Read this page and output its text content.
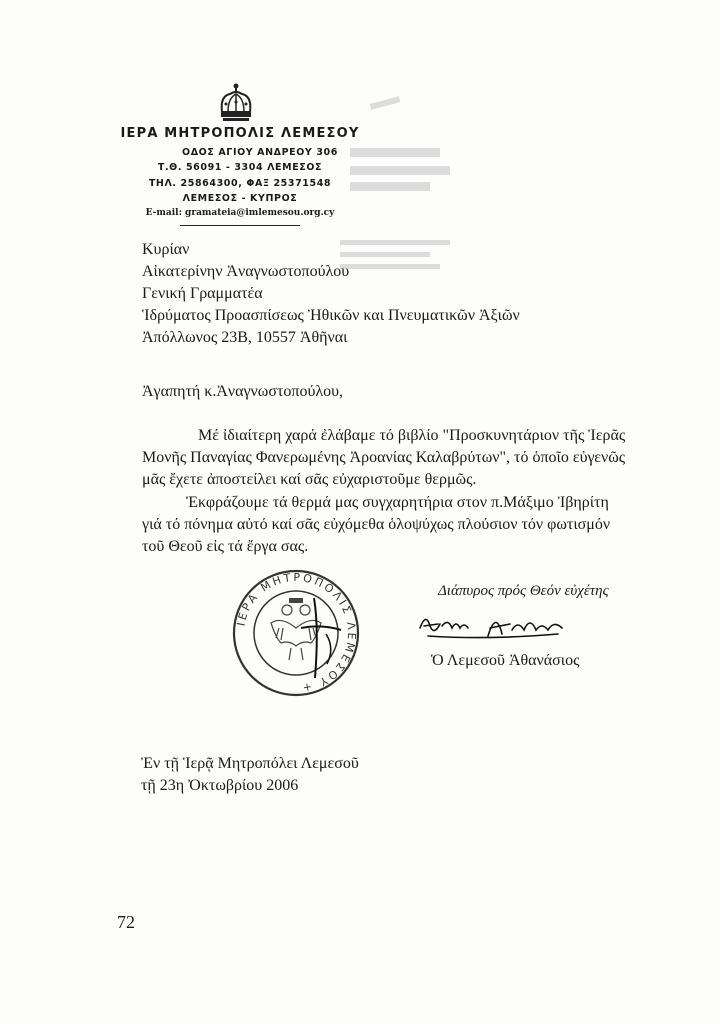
ΙΕΡΑ ΜΗΤΡΟΠΟΛΙΣ ΛΕΜΕΣΟΥ
ΟΔΟΣ ΑΓΙΟΥ ΑΝΔΡΕΟΥ 306
Τ.Θ. 56091 - 3304 ΛΕΜΕΣΟΣ
ΤΗΛ. 25864300, ΦΑΞ 25371548
ΛΕΜΕΣΟΣ - ΚΥΠΡΟΣ
E-mail: gramateia@imlemesou.org.cy
Κυρίαν
Αἰκατερίνην Ἀναγνωστοπούλου
Γενική Γραμματέα
Ἱδρύματος Προασπίσεως Ἠθικῶν και Πνευματικῶν Ἀξιῶν
Ἀπόλλωνος 23Β, 10557 Ἀθῆναι
Ἀγαπητή κ.Ἀναγνωστοπούλου,
Μέ ἰδιαίτερη χαρά ἐλάβαμε τό βιβλίο "Προσκυνητάριον τῆς Ἱερᾶς
Μονῆς Παναγίας Φανερωμένης Ἀροανίας Καλαβρύτων", τό ὁποῖο εὐγενῶς
μᾶς ἔχετε ἀποστείλει καί σᾶς εὐχαριστοῦμε θερμῶς.
Ἐκφράζουμε τά θερμά μας συγχαρητήρια στον π.Μάξιμο Ἰβηρίτη
γιά τό πόνημα αὐτό καί σᾶς εὐχόμεθα ὁλοψύχως πλούσιον τόν φωτισμόν
τοῦ Θεοῦ εἰς τά ἔργα σας.
ΙΕΡΑ ΜΗΤΡΟΠΟΛΙΣ ΛΕΜΕΣΟΥ +
Διάπυρος πρός Θεόν εὐχέτης
Ὁ Λεμεσοῦ Ἀθανάσιος
Ἐν τῇ Ἱερᾷ Μητροπόλει Λεμεσοῦ
τῇ 23η Ὀκτωβρίου 2006
72
